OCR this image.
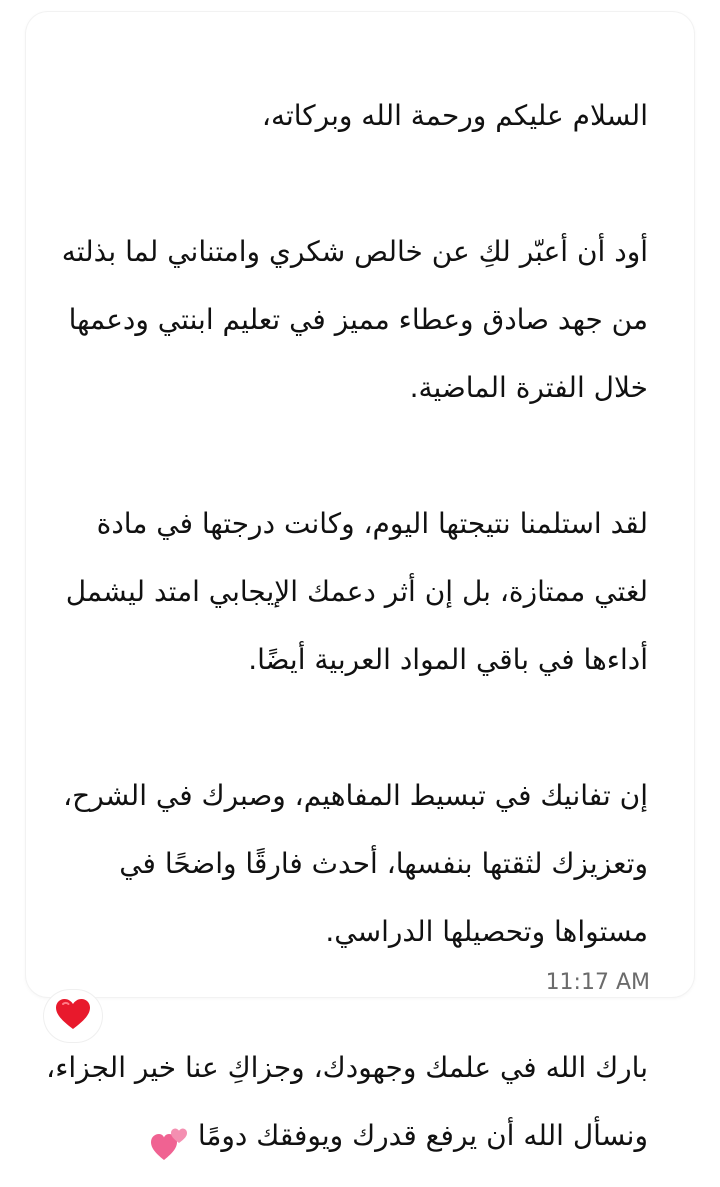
السلام عليكم ورحمة الله وبركاته،
أود أن أعبّر لكِ عن خالص شكري وامتناني لما بذلته
من جهد صادق وعطاء مميز في تعليم ابنتي ودعمها
خلال الفترة الماضية.
لقد استلمنا نتيجتها اليوم، وكانت درجتها في مادة
لغتي ممتازة، بل إن أثر دعمك الإيجابي امتد ليشمل
أداءها في باقي المواد العربية أيضًا.
إن تفانيك في تبسيط المفاهيم، وصبرك في الشرح،
وتعزيزك لثقتها بنفسها، أحدث فارقًا واضحًا في
مستواها وتحصيلها الدراسي.
بارك الله في علمك وجهودك، وجزاكِ عنا خير الجزاء،
ونسأل الله أن يرفع قدرك ويوفقك دومًا
11:17 AM
